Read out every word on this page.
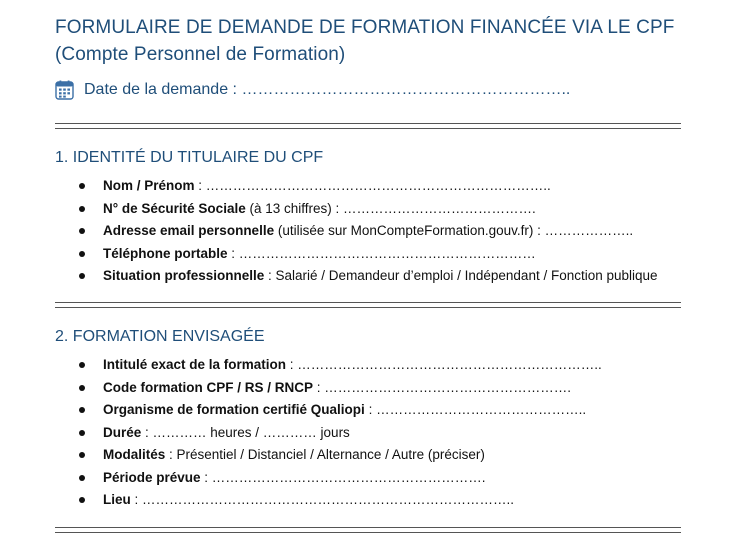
FORMULAIRE DE DEMANDE DE FORMATION FINANCÉE VIA LE CPF
(Compte Personnel de Formation)
Date de la demande : ……………………………………………………..
1. IDENTITÉ DU TITULAIRE DU CPF
Nom / Prénom : …………………………………………………………………..
N° de Sécurité Sociale (à 13 chiffres) : …………………………………….
Adresse email personnelle (utilisée sur MonCompteFormation.gouv.fr) : ………………..
Téléphone portable : …………………………………………………………
Situation professionnelle : Salarié / Demandeur d’emploi / Indépendant / Fonction publique
2. FORMATION ENVISAGÉE
Intitulé exact de la formation : …………………………………………………………..
Code formation CPF / RS / RNCP : ……………………………………………….
Organisme de formation certifié Qualiopi : ………………………………………..
Durée : ………… heures / ………… jours
Modalités : Présentiel / Distanciel / Alternance / Autre (préciser)
Période prévue : …………………………………………………….
Lieu : ………………………………………………………………………..
